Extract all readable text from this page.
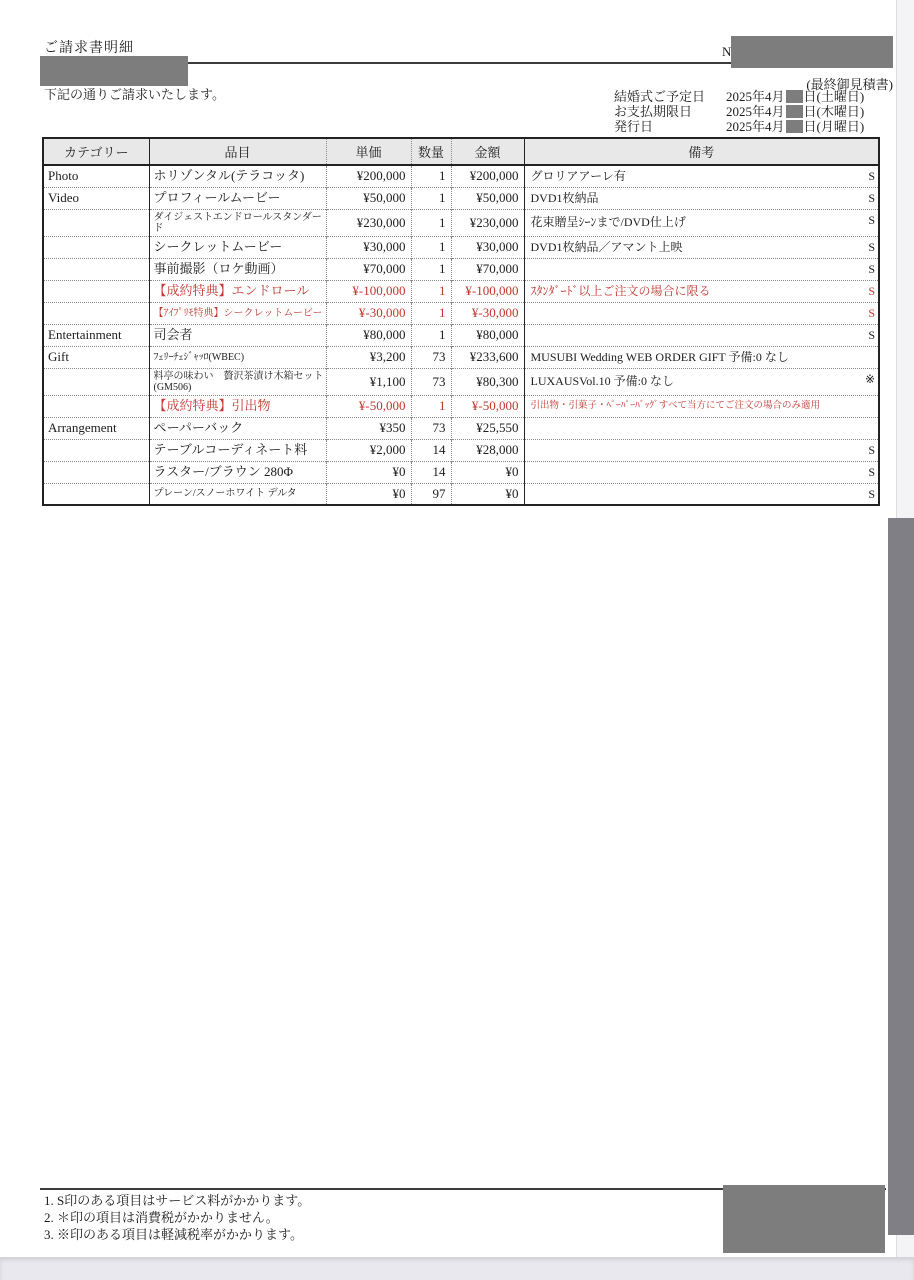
ご請求書明細	N
(最終御見積書)
下記の通りご請求いたします。	結婚式ご予定日	2025年4月 日(土曜日)
お支払期限日	2025年4月 日(木曜日)
発行日	2025年4月 日(月曜日)
カテゴリー	品目	単価	数量	金額	備考
Photo	ホリゾンタル(テラコッタ)	¥200,000	1	¥200,000	グロリアアーレ有 S

Video	プロフィールムービー	¥50,000	1	¥50,000	DVD1枚納品 S

	ダイジェストエンドロールスタンダード	¥230,000	1	¥230,000	花束贈呈ｼｰﾝまで/DVD仕上げ S

	シークレットムービー	¥30,000	1	¥30,000	DVD1枚納品／アマント上映 S

	事前撮影（ロケ動画）	¥70,000	1	¥70,000	S

	【成約特典】エンドロール	¥-100,000	1	¥-100,000	ｽﾀﾝﾀﾞｰﾄﾞ以上ご注文の場合に限る S

	【ｱｲﾌﾟﾘﾓ特典】シークレットムービー	¥-30,000	1	¥-30,000	S

Entertainment	司会者	¥80,000	1	¥80,000	S

Gift	ﾌｪﾘｰﾁｪｼﾞｬｯﾛ(WBEC)	¥3,200	73	¥233,600	MUSUBI Wedding WEB ORDER GIFT 予備:0 なし
	料亭の味わい　贅沢茶漬け木箱セット(GM506)	¥1,100	73	¥80,300	LUXAUSVol.10 予備:0 なし ※

	【成約特典】引出物	¥-50,000	1	¥-50,000	引出物・引菓子・ﾍﾟｰﾊﾟｰﾊﾞｯｸﾞすべて当方にてご注文の場合のみ適用
Arrangement	ペーパーバック	¥350	73	¥25,550	
	テーブルコーディネート料	¥2,000	14	¥28,000	S

	ラスター/ブラウン 280Φ	¥0	14	¥0	S

	プレーン/スノーホワイト デルタ	¥0	97	¥0	S
1. S印のある項目はサービス料がかかります。
2. ＊印の項目は消費税がかかりません。
3. ※印のある項目は軽減税率がかかります。
